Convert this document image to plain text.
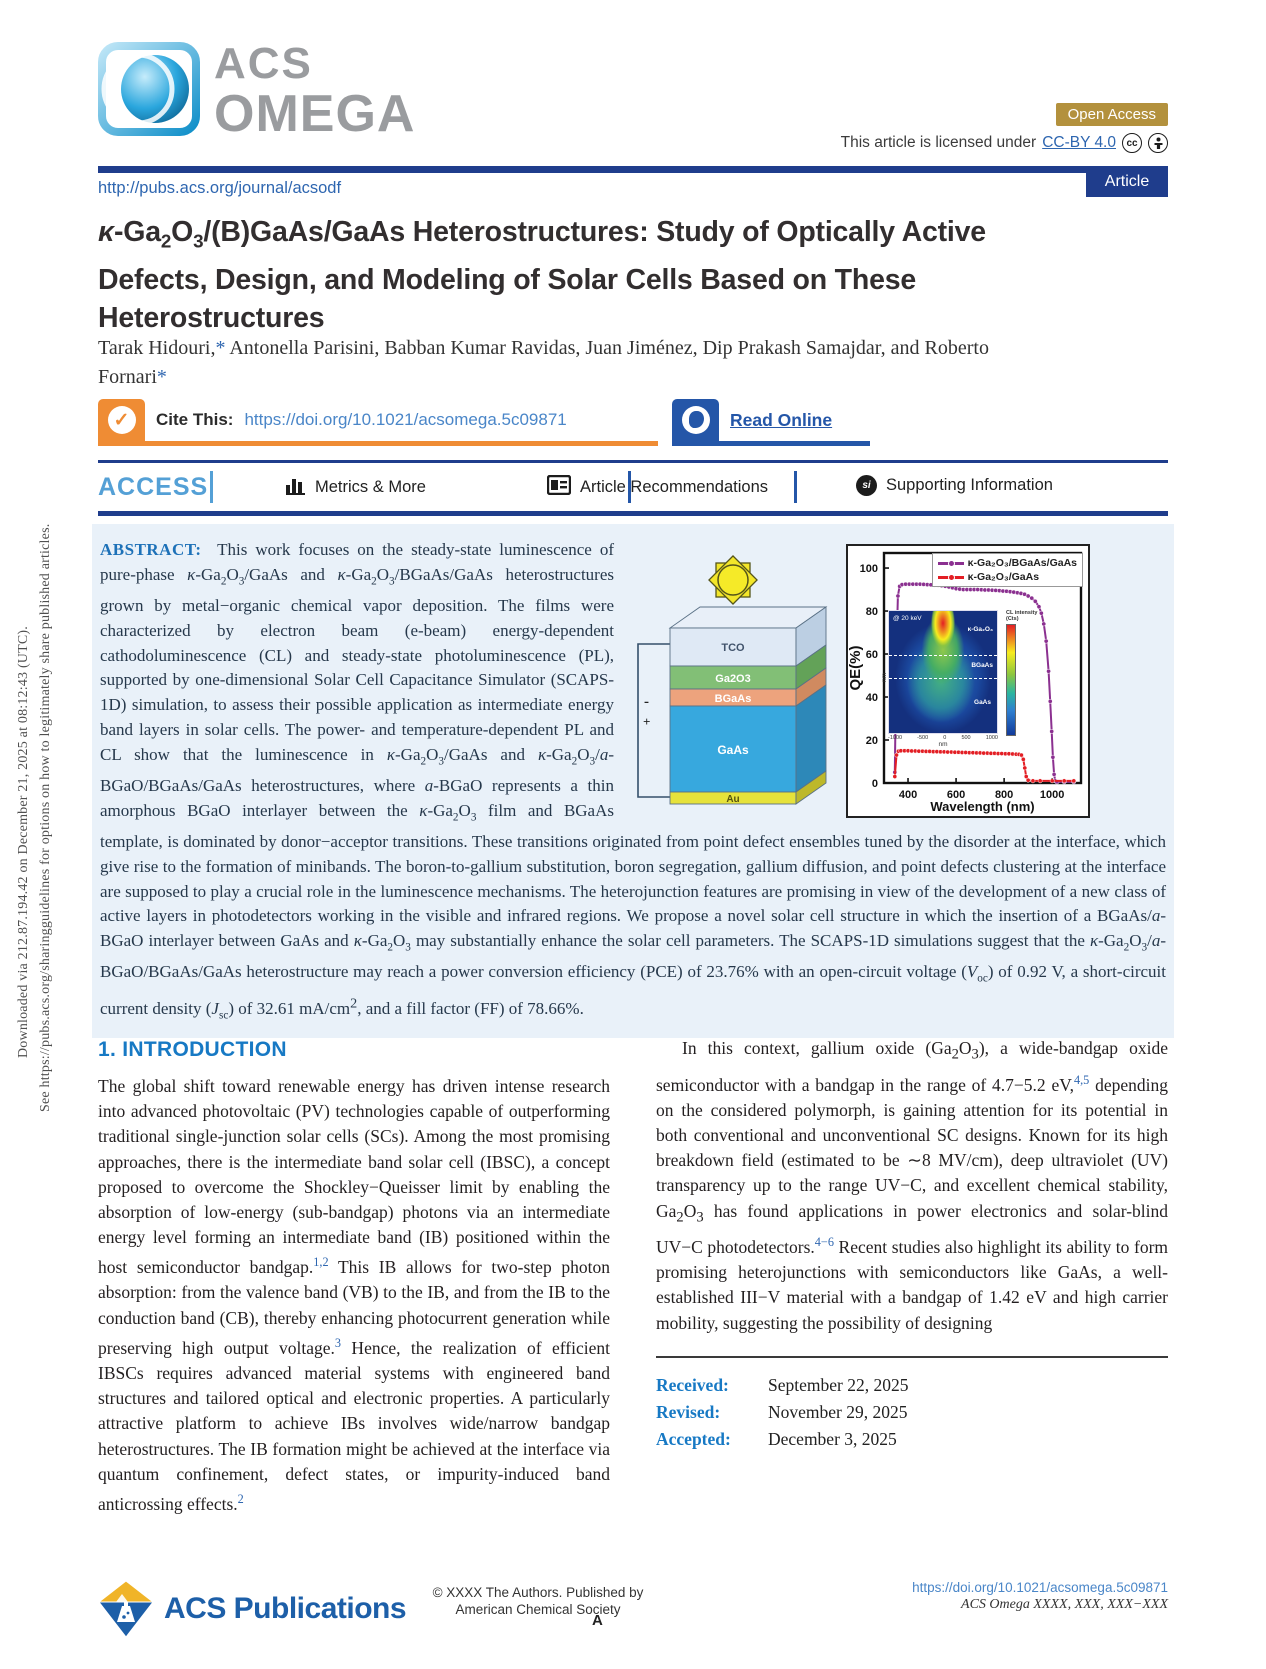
Downloaded via 212.87.194.42 on December 21, 2025 at 08:12:43 (UTC). See https://pubs.acs.org/sharingguidelines for options on how to legitimately share published articles.
ACS
OMEGA	Open Access
This article is licensed under CC-BY 4.0	cc
http://pubs.acs.org/journal/acsodf	Article
$\kappa-Ga_2O_3/(B)GaAs$/GaAs Heterostructures: Study of Optically Active Defects, Design, and Modeling of Solar Cells Based on These Heterostructures
Tarak Hidouri,* Antonella Parisini, Babban Kumar Ravidas, Juan Jiménez, Dip Prakash Samajdar, and Roberto Fornari*
✓	Cite This: https://doi.org/10.1021/acsomega.5c09871	Read Online
ACCESS	Metrics & More	Article Recommendations	si Supporting Information
-
+
TCO
Ga2O3
BGaAs
GaAs
Au	400	600	800 1000
0
20
40
60
80
100
QE(%)
Wavelength (nm)
κ-Ga₂O₃/BGaAs/GaAs
κ-Ga₂O₃/GaAs
@ 20 keV
κ-Ga₂O₃
BGaAs
GaAs
nm
-1000	-500	0	500	1000
nm
CL intensity (Cts)

ABSTRACT: This work focuses on the steady-state luminescence of pure-phase $\kappa-Ga_2O_3$/GaAs and $\kappa-Ga_2O_3/BGaAs$/GaAs heterostructures grown by metal−organic chemical vapor deposition. The films were characterized by electron beam (e-beam) energy-dependent cathodoluminescence (CL) and steady-state photoluminescence (PL), supported by one-dimensional Solar Cell Capacitance Simulator (SCAPS-1D) simulation, to assess their possible application as intermediate energy band layers in solar cells. The power- and temperature-dependent PL and CL show that the luminescence in $\kappa-Ga_2O_3$/GaAs and $\kappa-Ga_2O_3/a-BGaO/BGaAs$/GaAs heterostructures, where a-BGaO represents a thin amorphous BGaO interlayer between the $\kappa-Ga_2O_3$ film and BGaAs template, is dominated by donor−acceptor transitions. These transitions originated from point defect ensembles tuned by the disorder at the interface, which give rise to the formation of minibands. The boron-to-gallium substitution, boron segregation, gallium diffusion, and point defects clustering at the interface are supposed to play a crucial role in the luminescence mechanisms. The heterojunction features are promising in view of the development of a new class of active layers in photodetectors working in the visible and infrared regions. We propose a novel solar cell structure in which the insertion of a BGaAs/a-BGaO interlayer between GaAs and $\kappa-Ga_2O_3$ may substantially enhance the solar cell parameters. The SCAPS-1D simulations suggest that the $\kappa-Ga_2O_3/a-BGaO/BGaAs$/GaAs heterostructure may reach a power conversion efficiency (PCE) of 23.76% with an open-circuit voltage $(V_{oc})$ of 0.92 V, a short-circuit current density $(J_{sc})$ of 32.61 $mA/cm^2$, and a fill factor (FF) of 78.66%.

1. INTRODUCTION

The global shift toward renewable energy has driven intense research into advanced photovoltaic (PV) technologies capable of outperforming traditional single-junction solar cells (SCs). Among the most promising approaches, there is the intermediate band solar cell (IBSC), a concept proposed to overcome the Shockley−Queisser limit by enabling the absorption of low-energy (sub-bandgap) photons via an intermediate energy level forming an intermediate band (IB) positioned within the host semiconductor bandgap.$^{1,2}$ This IB allows for two-step photon absorption: from the valence band (VB) to the IB, and from the IB to the conduction band (CB), thereby enhancing photocurrent generation while preserving high output voltage.$^3$ Hence, the realization of efficient IBSCs requires advanced material systems with engineered band structures and tailored optical and electronic properties. A particularly attractive platform to achieve IBs involves wide/narrow bandgap heterostructures. The IB formation might be achieved at the interface via quantum confinement, defect states, or impurity-induced band anticrossing effects.$^2$

In this context, gallium oxide $(Ga_2O_3)$, a wide-bandgap oxide semiconductor with a bandgap in the range of 4.7−5.2 eV,$^{4,5}$ depending on the considered polymorph, is gaining attention for its potential in both conventional and unconventional SC designs. Known for its high breakdown field (estimated to be ∼8 MV/cm), deep ultraviolet (UV) transparency up to the range UV−C, and excellent chemical stability, $Ga_2O_3$ has found applications in power electronics and solar-blind UV−C photodetectors.$^{4-6}$ Recent studies also highlight its ability to form promising heterojunctions with semiconductors like GaAs, a well-established III−V material with a bandgap of 1.42 eV and high carrier mobility, suggesting the possibility of designing

Received:	September 22, 2025
Revised:	November 29, 2025
Accepted:	December 3, 2025
ACS Publications	© XXXX The Authors. Published by
American Chemical Society
A
https://doi.org/10.1021/acsomega.5c09871
ACS Omega XXXX, XXX, XXX−XXX
